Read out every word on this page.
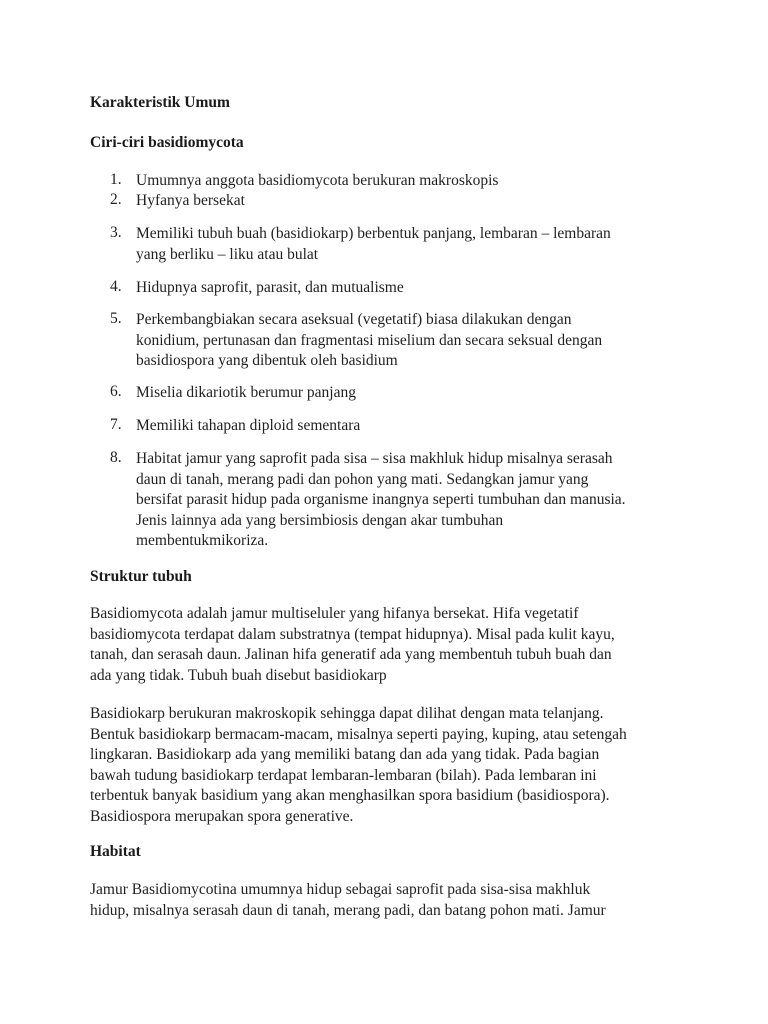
Karakteristik Umum
Ciri-ciri basidiomycota
1. Umumnya anggota basidiomycota berukuran makroskopis
2. Hyfanya bersekat
3. Memiliki tubuh buah (basidiokarp) berbentuk panjang, lembaran – lembaran
yang berliku – liku atau bulat
4. Hidupnya saprofit, parasit, dan mutualisme
5. Perkembangbiakan secara aseksual (vegetatif) biasa dilakukan dengan
konidium, pertunasan dan fragmentasi miselium dan secara seksual dengan
basidiospora yang dibentuk oleh basidium
6. Miselia dikariotik berumur panjang
7. Memiliki tahapan diploid sementara
8. Habitat jamur yang saprofit pada sisa – sisa makhluk hidup misalnya serasah
daun di tanah, merang padi dan pohon yang mati. Sedangkan jamur yang
bersifat parasit hidup pada organisme inangnya seperti tumbuhan dan manusia.
Jenis lainnya ada yang bersimbiosis dengan akar tumbuhan
membentukmikoriza.
Struktur tubuh
Basidiomycota adalah jamur multiseluler yang hifanya bersekat. Hifa vegetatif
basidiomycota terdapat dalam substratnya (tempat hidupnya). Misal pada kulit kayu,
tanah, dan serasah daun. Jalinan hifa generatif ada yang membentuh tubuh buah dan
ada yang tidak. Tubuh buah disebut basidiokarp
Basidiokarp berukuran makroskopik sehingga dapat dilihat dengan mata telanjang.
Bentuk basidiokarp bermacam-macam, misalnya seperti paying, kuping, atau setengah
lingkaran. Basidiokarp ada yang memiliki batang dan ada yang tidak. Pada bagian
bawah tudung basidiokarp terdapat lembaran-lembaran (bilah). Pada lembaran ini
terbentuk banyak basidium yang akan menghasilkan spora basidium (basidiospora).
Basidiospora merupakan spora generative.
Habitat
Jamur Basidiomycotina umumnya hidup sebagai saprofit pada sisa-sisa makhluk
hidup, misalnya serasah daun di tanah, merang padi, dan batang pohon mati. Jamur
